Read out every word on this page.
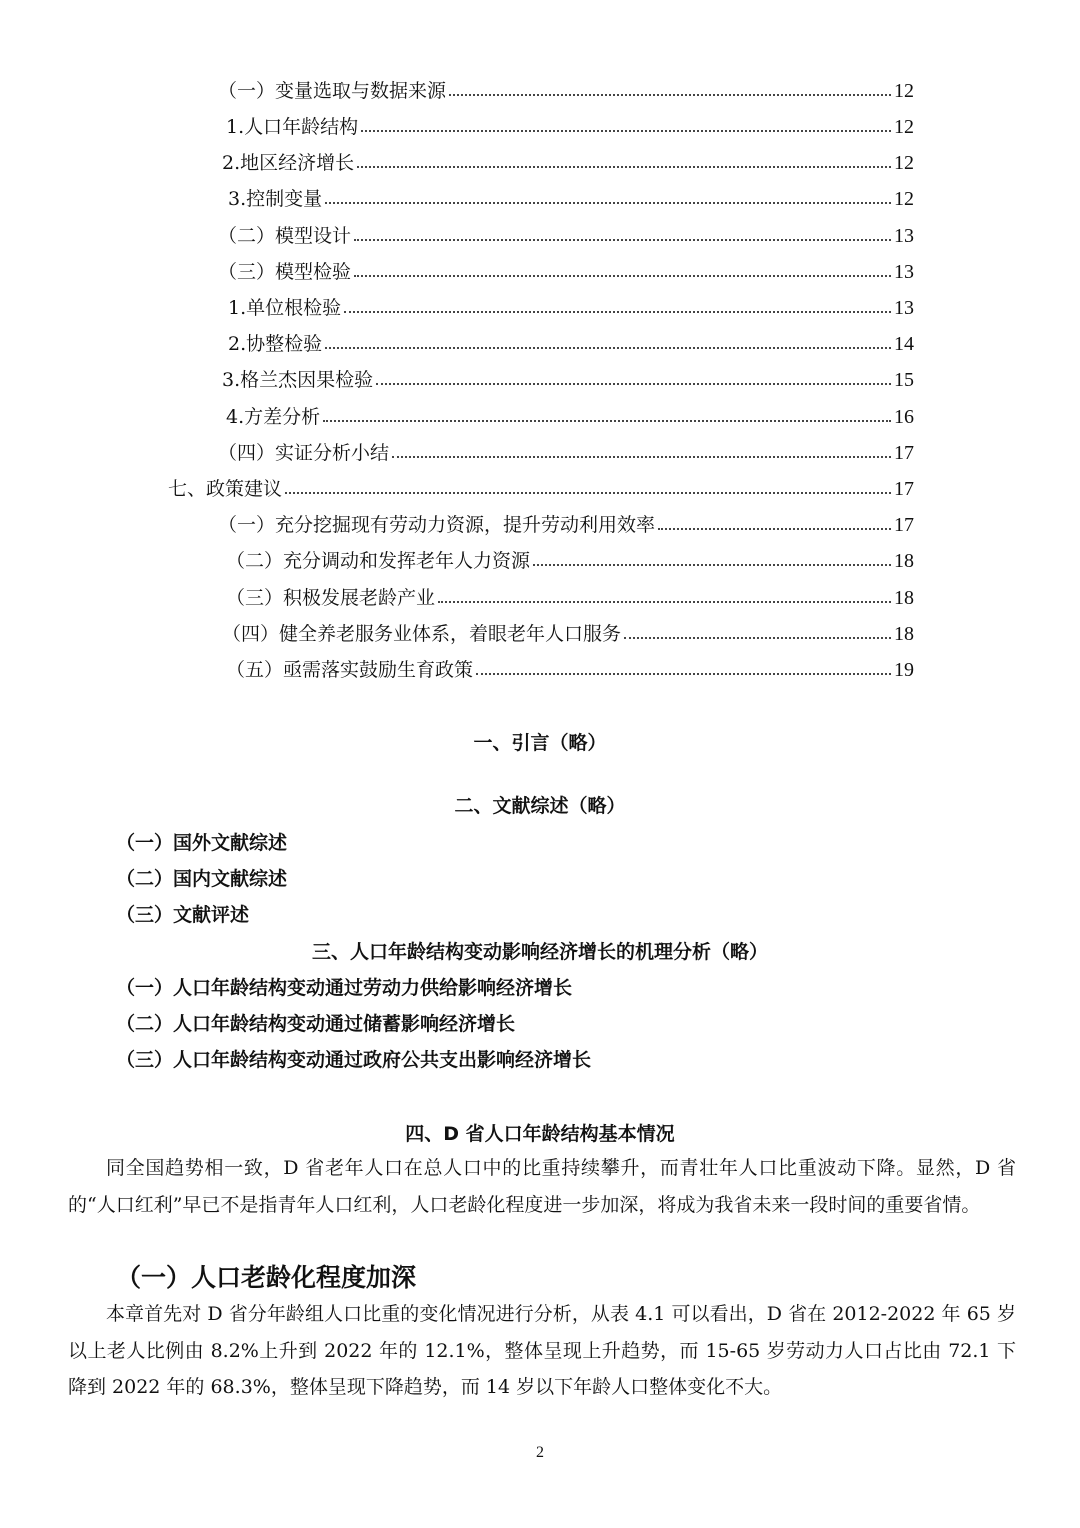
（一）变量选取与数据来源	12
1.人口年龄结构	12
2.地区经济增长	12
3.控制变量	12
（二）模型设计	13
（三）模型检验	13
1.单位根检验	13
2.协整检验	14
3.格兰杰因果检验	15
4.方差分析	16
（四）实证分析小结	17
七、政策建议	17
（一）充分挖掘现有劳动力资源，提升劳动利用效率	17
（二）充分调动和发挥老年人力资源	18
（三）积极发展老龄产业	18
（四）健全养老服务业体系，着眼老年人口服务	18
（五）亟需落实鼓励生育政策	19
一、引言（略）
二、文献综述（略）
（一）国外文献综述
（二）国内文献综述
（三）文献评述
三、人口年龄结构变动影响经济增长的机理分析（略）
（一）人口年龄结构变动通过劳动力供给影响经济增长
（二）人口年龄结构变动通过储蓄影响经济增长
（三）人口年龄结构变动通过政府公共支出影响经济增长
四、D 省人口年龄结构基本情况

同全国趋势相一致，D 省老年人口在总人口中的比重持续攀升，而青壮年人口比重波动下降。显然，D 省的“人口红利”早已不是指青年人口红利，人口老龄化程度进一步加深，将成为我省未来一段时间的重要省情。

（一）人口老龄化程度加深

本章首先对 D 省分年龄组人口比重的变化情况进行分析，从表 4.1 可以看出，D 省在 2012-2022 年 65 岁以上老人比例由 8.2%上升到 2022 年的 12.1%，整体呈现上升趋势，而 15-65 岁劳动力人口占比由 72.1 下降到 2022 年的 68.3%，整体呈现下降趋势，而 14 岁以下年龄人口整体变化不大。

2
